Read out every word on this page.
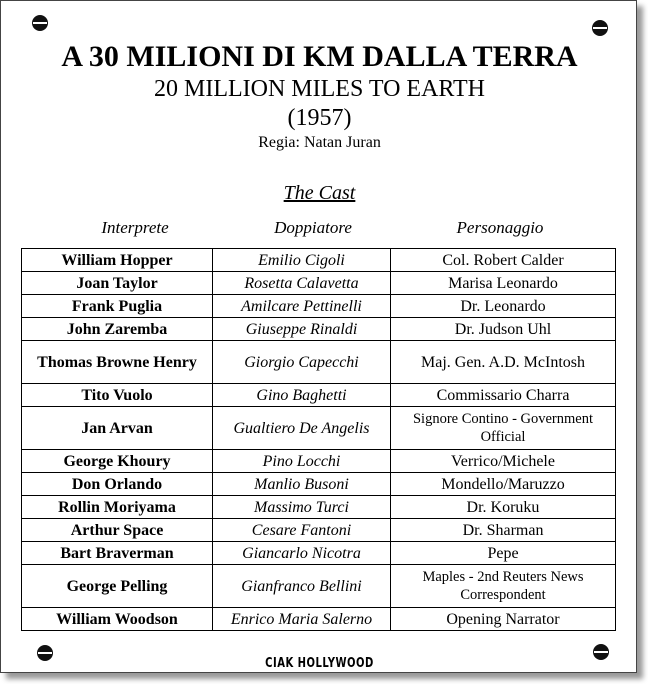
A 30 MILIONI DI KM DALLA TERRA
20 MILLION MILES TO EARTH
(1957)
Regia: Natan Juran
The Cast
Interprete	Doppiatore	Personaggio
William Hopper	Emilio Cigoli	Col. Robert Calder
Joan Taylor	Rosetta Calavetta	Marisa Leonardo
Frank Puglia	Amilcare Pettinelli	Dr. Leonardo
John Zaremba	Giuseppe Rinaldi	Dr. Judson Uhl
Thomas Browne Henry	Giorgio Capecchi	Maj. Gen. A.D. McIntosh
Tito Vuolo	Gino Baghetti	Commissario Charra
Jan Arvan	Gualtiero De Angelis	Signore Contino - Government Official
George Khoury	Pino Locchi	Verrico/Michele
Don Orlando	Manlio Busoni	Mondello/Maruzzo
Rollin Moriyama	Massimo Turci	Dr. Koruku
Arthur Space	Cesare Fantoni	Dr. Sharman
Bart Braverman	Giancarlo Nicotra	Pepe
George Pelling	Gianfranco Bellini	Maples - 2nd Reuters News Correspondent
William Woodson	Enrico Maria Salerno	Opening Narrator
CIAK HOLLYWOOD
